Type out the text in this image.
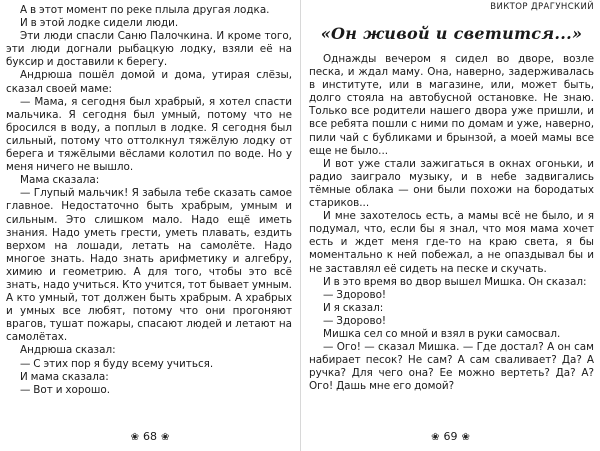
А в этот момент по реке плыла другая лодка.

И в этой лодке сидели люди.

Эти люди спасли Саню Палочкина. И кроме того, эти люди догнали рыбацкую лодку, взяли её на буксир и доставили к берегу.

Андрюша пошёл домой и дома, утирая слёзы, сказал своей маме:

— Мама, я сегодня был храбрый, я хотел спасти мальчика. Я сегодня был умный, потому что не бросился в воду, а поплыл в лодке. Я сегодня был сильный, потому что оттолкнул тяжёлую лодку от берега и тяжёлыми вёслами колотил по воде. Но у меня ничего не вышло.

Мама сказала:

— Глупый мальчик! Я забыла тебе сказать самое главное. Недостаточно быть храбрым, умным и сильным. Это слишком мало. Надо ещё иметь знания. Надо уметь грести, уметь плавать, ездить верхом на лошади, летать на самолёте. Надо многое знать. Надо знать арифметику и алгебру, химию и геометрию. А для того, чтобы это всё знать, надо учиться. Кто учится, тот бывает умным. А кто умный, тот должен быть храбрым. А храбрых и умных все любят, потому что они прогоняют врагов, тушат пожары, спасают людей и летают на самолётах.

Андрюша сказал:

— С этих пор я буду всему учиться.

И мама сказала:

— Вот и хорошо.

❀ 68 ❀
ВИКТОР ДРАГУНСКИЙ
«Он живой и светится...»

Однажды вечером я сидел во дворе, возле песка, и ждал маму. Она, наверно, задерживалась в институте, или в магазине, или, может быть, долго стояла на автобусной остановке. Не знаю. Только все родители нашего двора уже пришли, и все ребята пошли с ними по домам и уже, наверно, пили чай с бубликами и брынзой, а моей мамы все еще не было...

И вот уже стали зажигаться в окнах огоньки, и радио заиграло музыку, и в небе задвигались тёмные облака — они были похожи на бородатых стариков...

И мне захотелось есть, а мамы всё не было, и я подумал, что, если бы я знал, что моя мама хочет есть и ждет меня где-то на краю света, я бы моментально к ней побежал, а не опаздывал бы и не заставлял её сидеть на песке и скучать.

И в это время во двор вышел Мишка. Он сказал:

— Здорово!

И я сказал:

— Здорово!

Мишка сел со мной и взял в руки самосвал.

— Ого! — сказал Мишка. — Где достал? А он сам набирает песок? Не сам? А сам сваливает? Да? А ручка? Для чего она? Ее можно вертеть? Да? А? Ого! Дашь мне его домой?

❀ 69 ❀
